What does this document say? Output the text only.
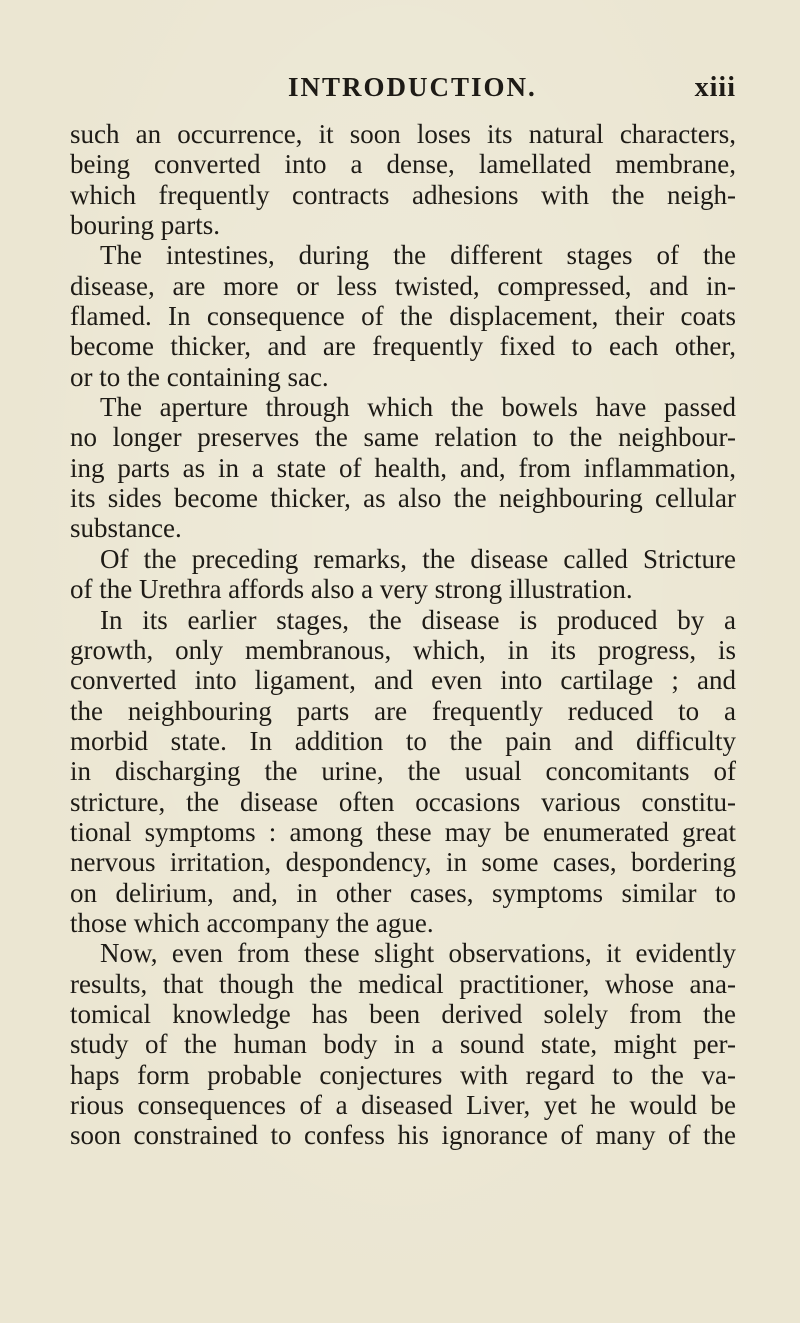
INTRODUCTION.	xiii
such an occurrence, it soon loses its natural characters,
being converted into a dense, lamellated membrane,
which frequently contracts adhesions with the neigh-
bouring parts.
The intestines, during the different stages of the
disease, are more or less twisted, compressed, and in-
flamed. In consequence of the displacement, their coats
become thicker, and are frequently fixed to each other,
or to the containing sac.
The aperture through which the bowels have passed
no longer preserves the same relation to the neighbour-
ing parts as in a state of health, and, from inflammation,
its sides become thicker, as also the neighbouring cellular
substance.
Of the preceding remarks, the disease called Stricture
of the Urethra affords also a very strong illustration.
In its earlier stages, the disease is produced by a
growth, only membranous, which, in its progress, is
converted into ligament, and even into cartilage ; and
the neighbouring parts are frequently reduced to a
morbid state. In addition to the pain and difficulty
in discharging the urine, the usual concomitants of
stricture, the disease often occasions various constitu-
tional symptoms : among these may be enumerated great
nervous irritation, despondency, in some cases, bordering
on delirium, and, in other cases, symptoms similar to
those which accompany the ague.
Now, even from these slight observations, it evidently
results, that though the medical practitioner, whose ana-
tomical knowledge has been derived solely from the
study of the human body in a sound state, might per-
haps form probable conjectures with regard to the va-
rious consequences of a diseased Liver, yet he would be
soon constrained to confess his ignorance of many of the
